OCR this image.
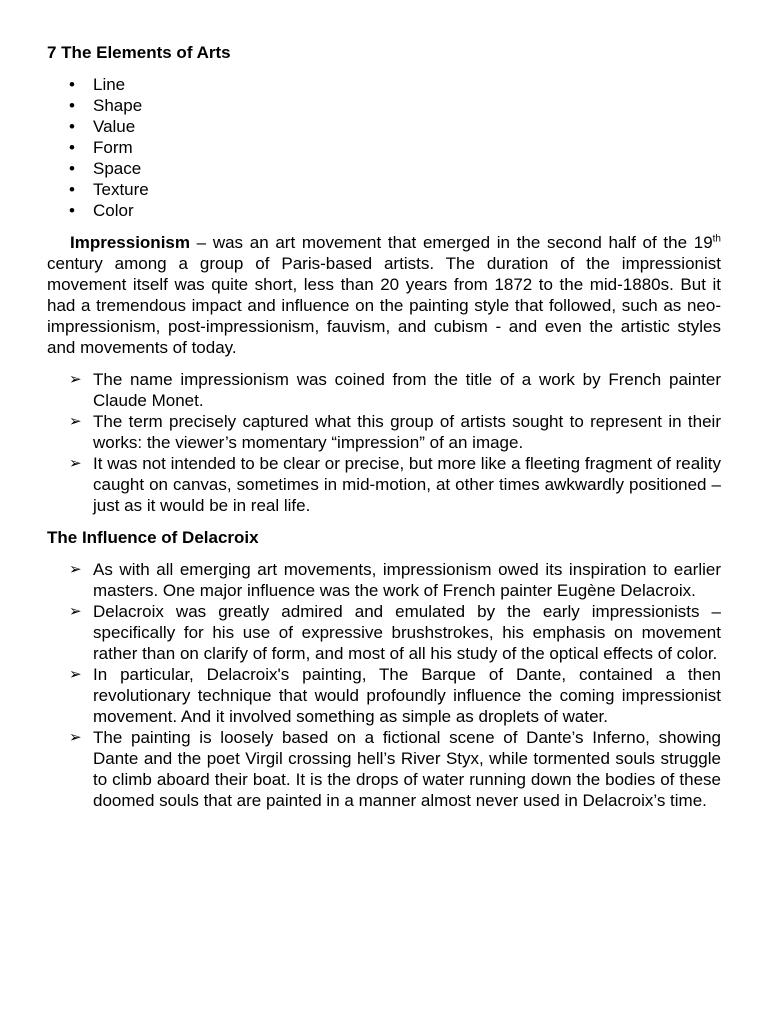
7 The Elements of Arts

• Line
• Shape
• Value
• Form
• Space
• Texture
• Color

Impressionism – was an art movement that emerged in the second half of the 19th century among a group of Paris-based artists. The duration of the impressionist movement itself was quite short, less than 20 years from 1872 to the mid-1880s. But it had a tremendous impact and influence on the painting style that followed, such as neo-impressionism, post-impressionism, fauvism, and cubism - and even the artistic styles and movements of today.

➢ The name impressionism was coined from the title of a work by French painter Claude Monet.
➢ The term precisely captured what this group of artists sought to represent in their works: the viewer’s momentary “impression” of an image.
➢ It was not intended to be clear or precise, but more like a fleeting fragment of reality caught on canvas, sometimes in mid-motion, at other times awkwardly positioned – just as it would be in real life.

The Influence of Delacroix

➢ As with all emerging art movements, impressionism owed its inspiration to earlier masters. One major influence was the work of French painter Eugène Delacroix.
➢ Delacroix was greatly admired and emulated by the early impressionists – specifically for his use of expressive brushstrokes, his emphasis on movement rather than on clarify of form, and most of all his study of the optical effects of color.
➢ In particular, Delacroix's painting, The Barque of Dante, contained a then revolutionary technique that would profoundly influence the coming impressionist movement. And it involved something as simple as droplets of water.
➢ The painting is loosely based on a fictional scene of Dante’s Inferno, showing Dante and the poet Virgil crossing hell’s River Styx, while tormented souls struggle to climb aboard their boat. It is the drops of water running down the bodies of these doomed souls that are painted in a manner almost never used in Delacroix’s time.
